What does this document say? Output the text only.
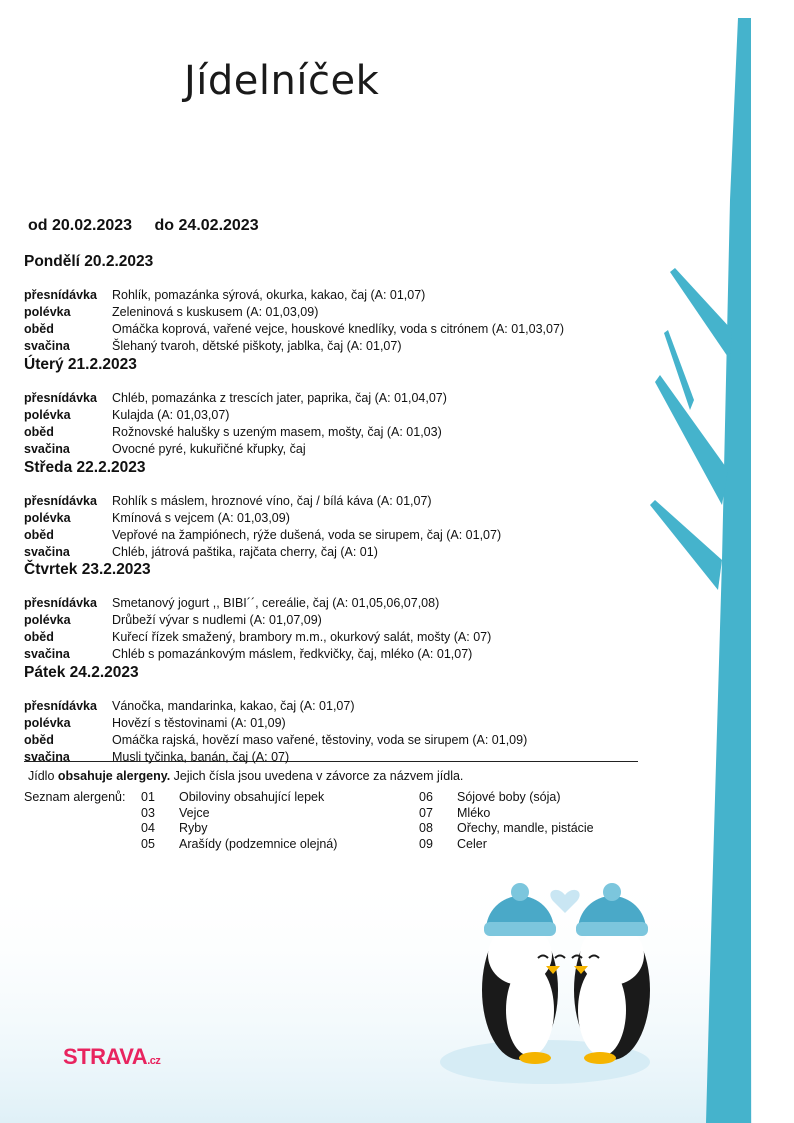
Jídelníček
od 20.02.2023 do 24.02.2023
Pondělí 20.2.2023
přesnídávka	Rohlík, pomazánka sýrová, okurka, kakao, čaj (A: 01,07)
polévka	Zeleninová s kuskusem (A: 01,03,09)
oběd	Omáčka koprová, vařené vejce, houskové knedlíky, voda s citrónem (A: 01,03,07)
svačina	Šlehaný tvaroh, dětské piškoty, jablka, čaj (A: 01,07)
Úterý 21.2.2023
přesnídávka	Chléb, pomazánka z trescích jater, paprika, čaj (A: 01,04,07)
polévka	Kulajda (A: 01,03,07)
oběd	Rožnovské halušky s uzeným masem, mošty, čaj (A: 01,03)
svačina	Ovocné pyré, kukuřičné křupky, čaj
Středa 22.2.2023
přesnídávka	Rohlík s máslem, hroznové víno, čaj / bílá káva (A: 01,07)
polévka	Kmínová s vejcem (A: 01,03,09)
oběd	Vepřové na žampiónech, rýže dušená, voda se sirupem, čaj (A: 01,07)
svačina	Chléb, játrová paštika, rajčata cherry, čaj (A: 01)
Čtvrtek 23.2.2023
přesnídávka	Smetanový jogurt ,, BIBI´´, cereálie, čaj (A: 01,05,06,07,08)
polévka	Drůbeží vývar s nudlemi (A: 01,07,09)
oběd	Kuřecí řízek smažený, brambory m.m., okurkový salát, mošty (A: 07)
svačina	Chléb s pomazánkovým máslem, ředkvičky, čaj, mléko (A: 01,07)
Pátek 24.2.2023
přesnídávka	Vánočka, mandarinka, kakao, čaj (A: 01,07)
polévka	Hovězí s těstovinami (A: 01,09)
oběd	Omáčka rajská, hovězí maso vařené, těstoviny, voda se sirupem (A: 01,09)
svačina	Musli tyčinka, banán, čaj (A: 07)
Jídlo obsahuje alergeny. Jejich čísla jsou uvedena v závorce za názvem jídla.
Seznam alergenů: 01 Obiloviny obsahující lepek
03 Vejce
04 Ryby
05 Arašídy (podzemnice olejná)
06 Sójové boby (sója)
07 Mléko
08 Ořechy, mandle, pistácie
09 Celer
STRAVA.cz
